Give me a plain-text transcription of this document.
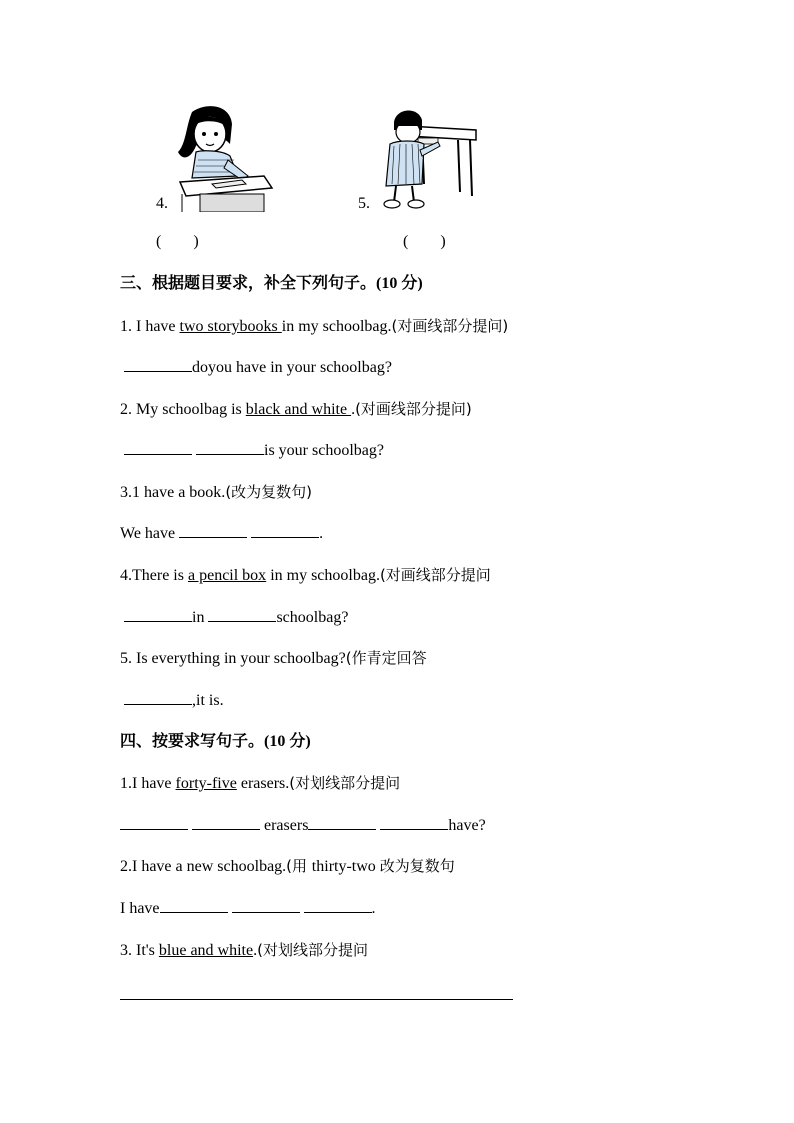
4.
(        )
5.
(        )
三、根据题目要求，补全下列句子。(10 分)
1. I have two storybooks in my schoolbag.(对画线部分提问)
doyou have in your schoolbag?
2. My schoolbag is black and white .(对画线部分提问)
is your schoolbag?
3.1 have a book.(改为复数句)
We have	.
4.There is a pencil box in my schoolbag.(对画线部分提问
in	schoolbag?
5. Is everything in your schoolbag?(作青定回答
,it is.
四、按要求写句子。(10 分)
1.I have forty-five erasers.(对划线部分提问
erasers	have?
2.I have a new schoolbag.(用 thirty-two 改为复数句
I have	.
3. It's blue and white.(对划线部分提问
